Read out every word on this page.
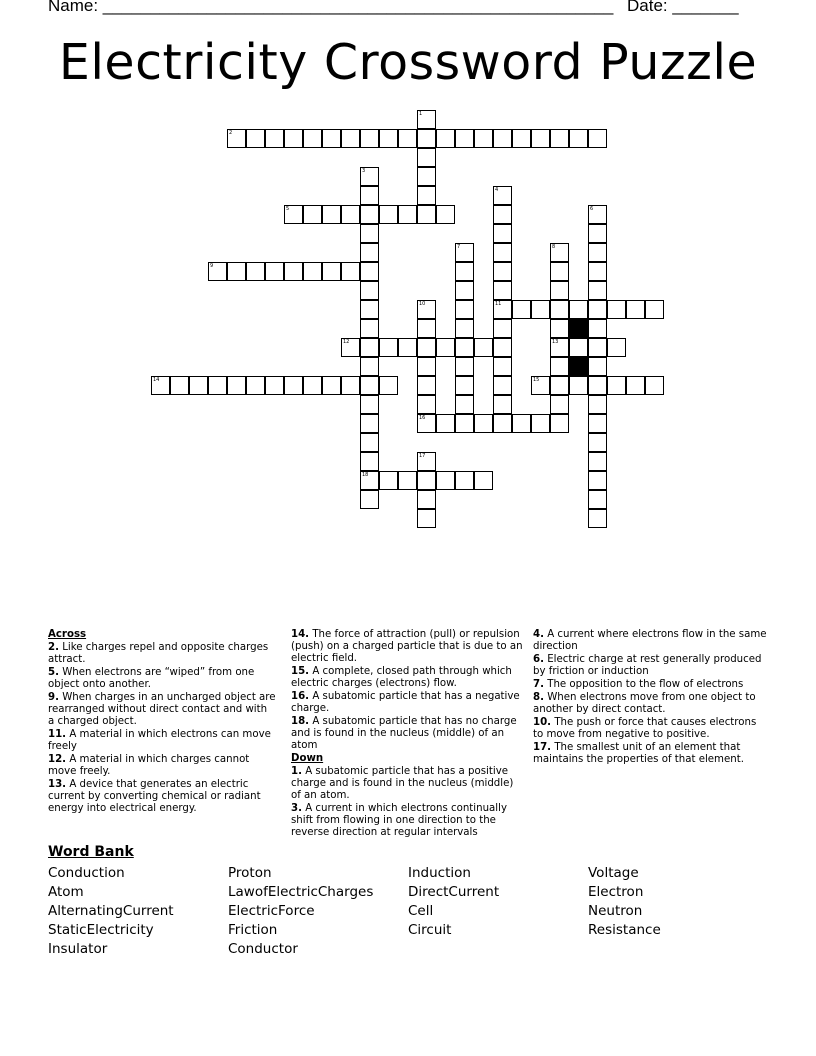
Name: ______________________________________________________ Date: _______
Electricity Crossword Puzzle
1
2
3
18
4
11
5	6
7	8
13
9
10
16
12
14	15
17

Across

2. Like charges repel and opposite charges attract.

5. When electrons are “wiped” from one object onto another.

9. When charges in an uncharged object are rearranged without direct contact and with a charged object.

11. A material in which electrons can move freely

12. A material in which charges cannot move freely.

13. A device that generates an electric current by converting chemical or radiant energy into electrical energy.

14. The force of attraction (pull) or repulsion (push) on a charged particle that is due to an electric field.

15. A complete, closed path through which electric charges (electrons) flow.

16. A subatomic particle that has a negative charge.

18. A subatomic particle that has no charge and is found in the nucleus (middle) of an atom

Down

1. A subatomic particle that has a positive charge and is found in the nucleus (middle) of an atom.

3. A current in which electrons continually shift from flowing in one direction to the reverse direction at regular intervals

4. A current where electrons flow in the same direction

6. Electric charge at rest generally produced by friction or induction

7. The opposition to the flow of electrons

8. When electrons move from one object to another by direct contact.

10. The push or force that causes electrons to move from negative to positive.

17. The smallest unit of an element that maintains the properties of that element.

Word Bank
Conduction
Atom
AlternatingCurrent
StaticElectricity
Insulator
Proton
LawofElectricCharges
ElectricForce
Friction
Conductor
Induction
DirectCurrent
Cell
Circuit
Voltage
Electron
Neutron
Resistance
